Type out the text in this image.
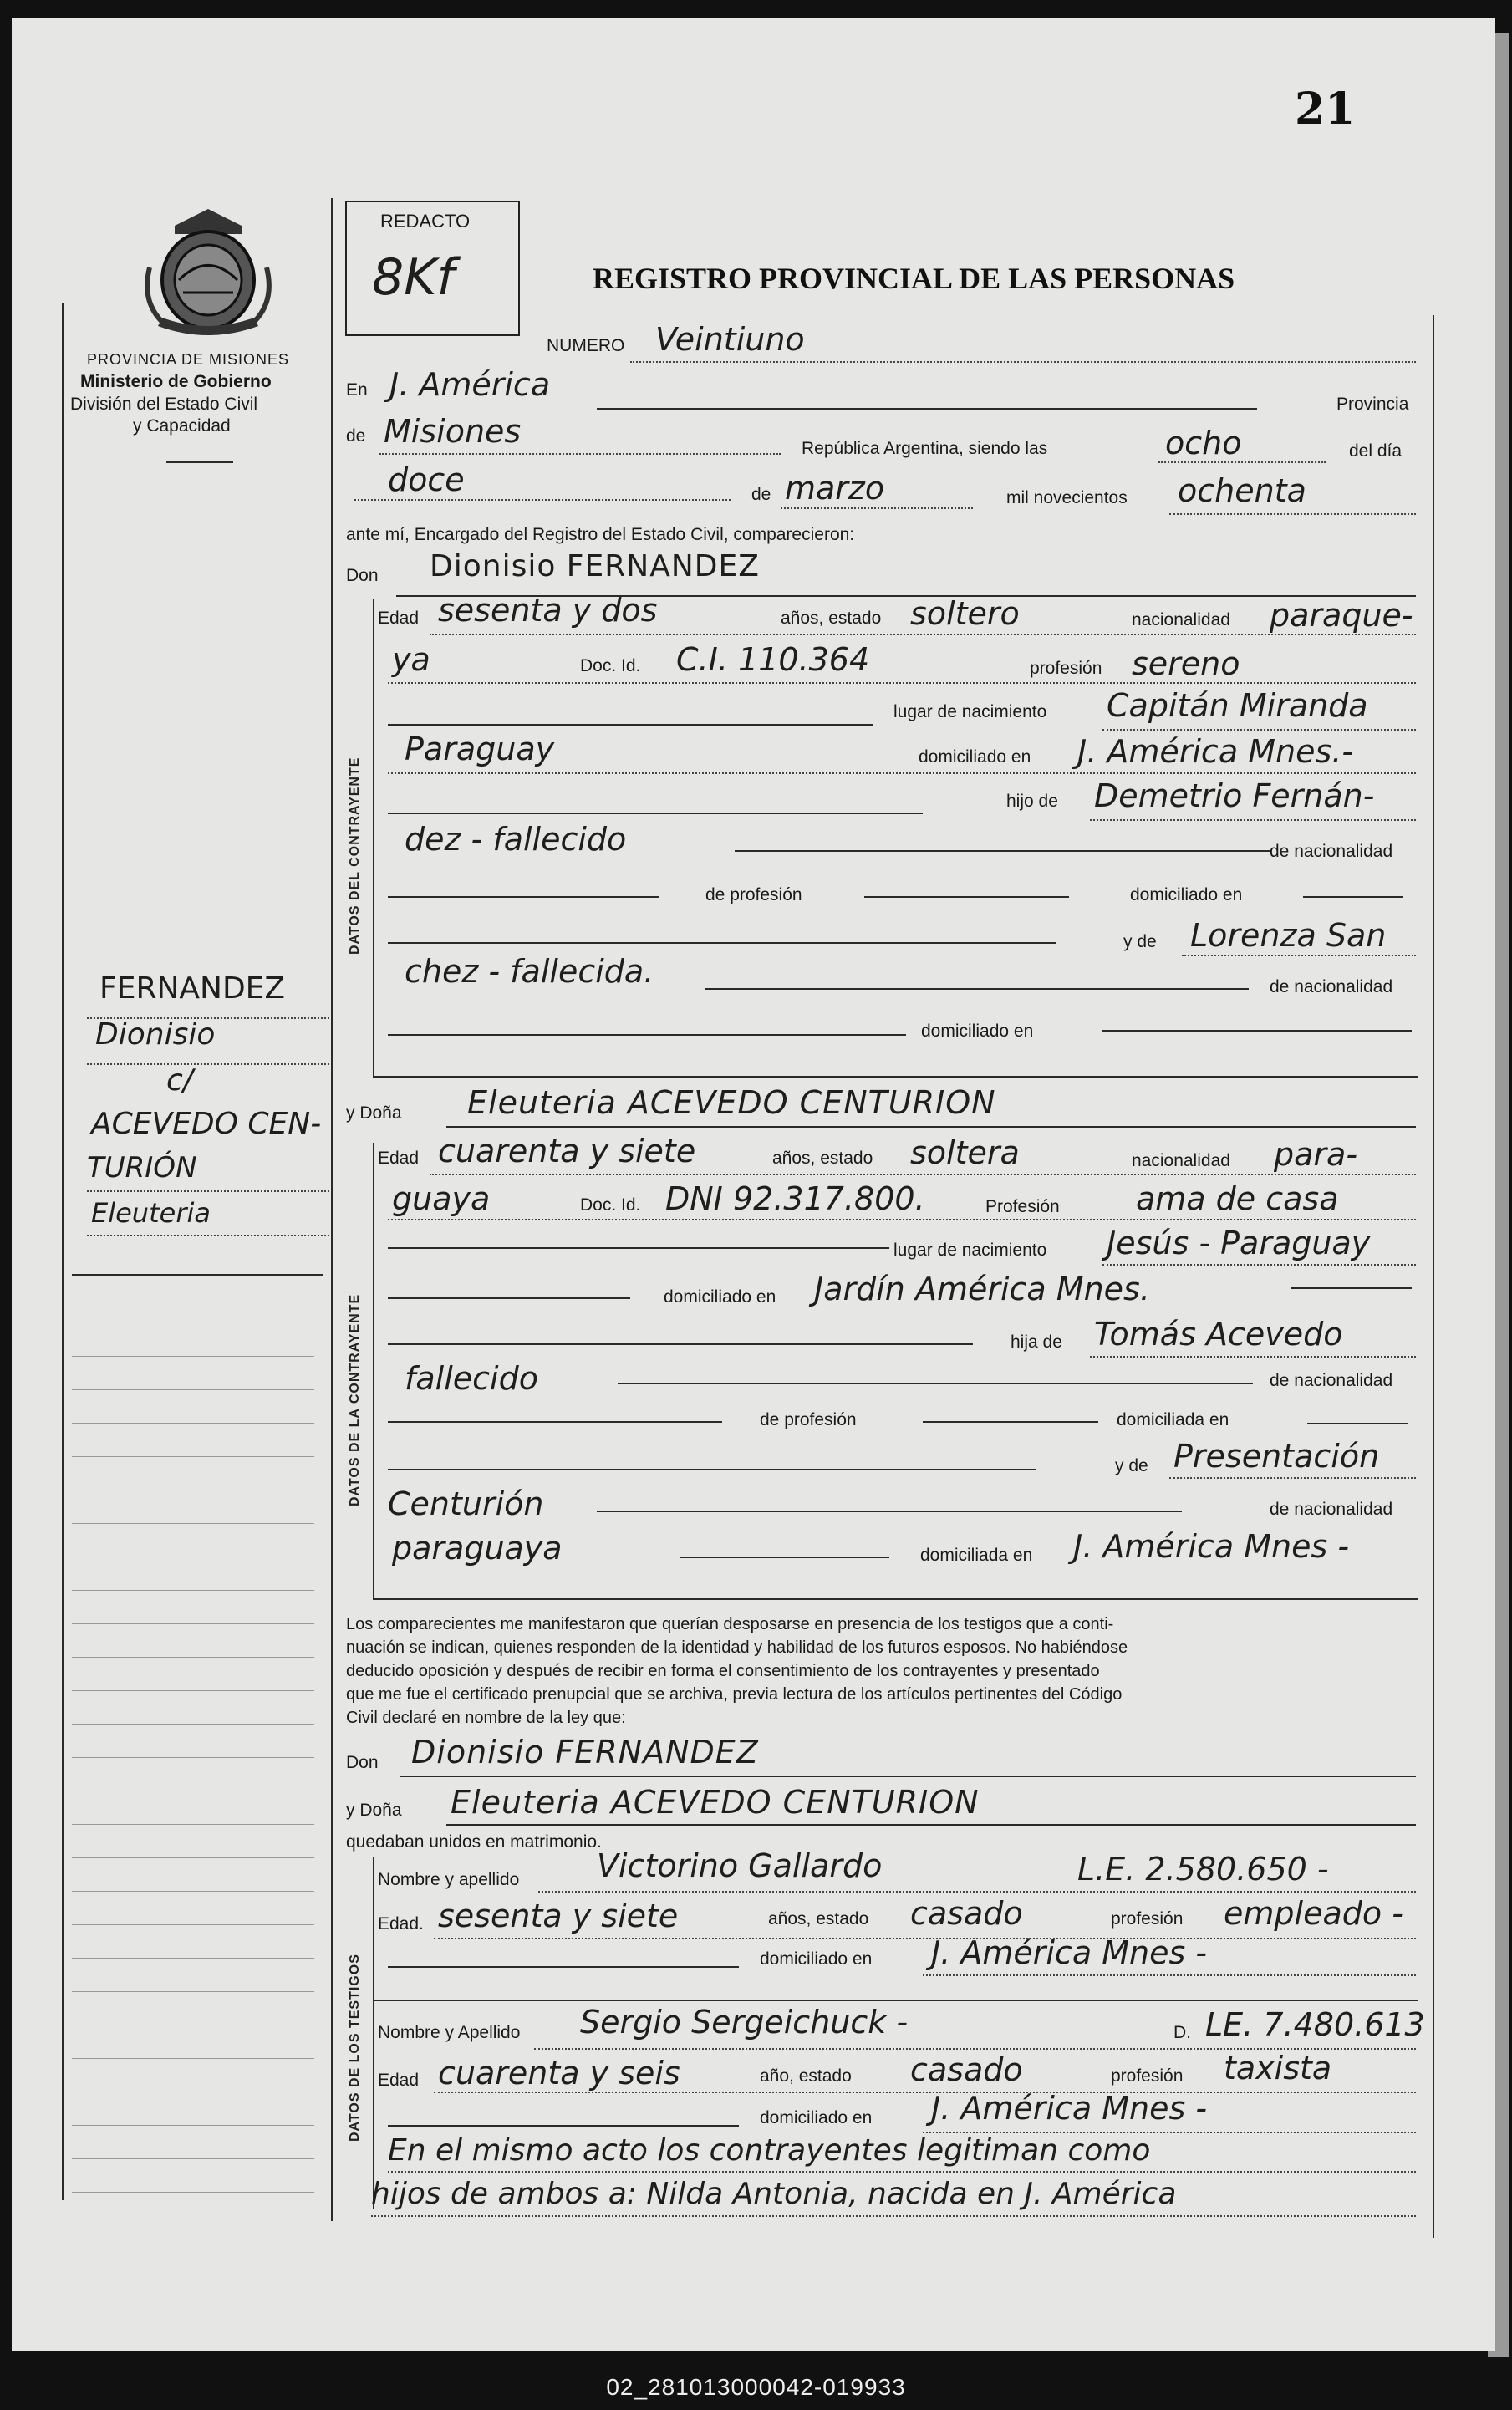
21
PROVINCIA DE MISIONES
Ministerio de Gobierno
División del Estado Civil
y Capacidad
FERNANDEZ
Dionisio
c/
ACEVEDO CEN-
TURIÓN
Eleuteria
REDACTO
8Kf	REGISTRO PROVINCIAL DE LAS PERSONAS
NUMERO Veintiuno
En J. América
Provincia
de Misiones	República Argentina, siendo las	ocho	del día
doce	de marzo	mil novecientos ochenta
ante mí, Encargado del Registro del Estado Civil, comparecieron:
Don Dionisio FERNANDEZ
DATOS DEL CONTRAYENTE
Edad sesenta y dos	años, estado soltero	nacionalidad paraque-
ya	Doc. Id. C.I. 110.364	profesión sereno
lugar de nacimiento Capitán Miranda
Paraguay	domiciliado en J. América Mnes.-
hijo de Demetrio Fernán-
dez - fallecido	de nacionalidad
de profesión	domiciliado en
y de Lorenza San
chez - fallecida.	de nacionalidad
domiciliado en
y Doña Eleuteria ACEVEDO CENTURION
DATOS DE LA CONTRAYENTE
Edad cuarenta y siete	años, estado soltera	nacionalidad para-
guaya	Doc. Id. DNI 92.317.800.	Profesión ama de casa
lugar de nacimiento Jesús - Paraguay
domiciliado en Jardín América Mnes.
hija de Tomás Acevedo
fallecido	de nacionalidad
de profesión	domiciliada en
y de Presentación
Centurión	de nacionalidad
paraguaya	domiciliada en J. América Mnes -
Los comparecientes me manifestaron que querían desposarse en presencia de los testigos que a conti-
nuación se indican, quienes responden de la identidad y habilidad de los futuros esposos. No habiéndose
deducido oposición y después de recibir en forma el consentimiento de los contrayentes y presentado
que me fue el certificado prenupcial que se archiva, previa lectura de los artículos pertinentes del Código
Civil declaré en nombre de la ley que:
Don Dionisio FERNANDEZ
y Doña Eleuteria ACEVEDO CENTURION
quedaban unidos en matrimonio.
DATOS DE LOS TESTIGOS
Nombre y apellido Victorino Gallardo	L.E. 2.580.650 -
Edad. sesenta y siete	años, estado casado	profesión empleado -
domiciliado en J. América Mnes -
Nombre y Apellido Sergio Sergeichuck -	D. LE. 7.480.613
Edad cuarenta y seis	año, estado casado	profesión taxista
domiciliado en J. América Mnes -
En el mismo acto los contrayentes legitiman como
hijos de ambos a: Nilda Antonia, nacida en J. América
02_281013000042-019933
